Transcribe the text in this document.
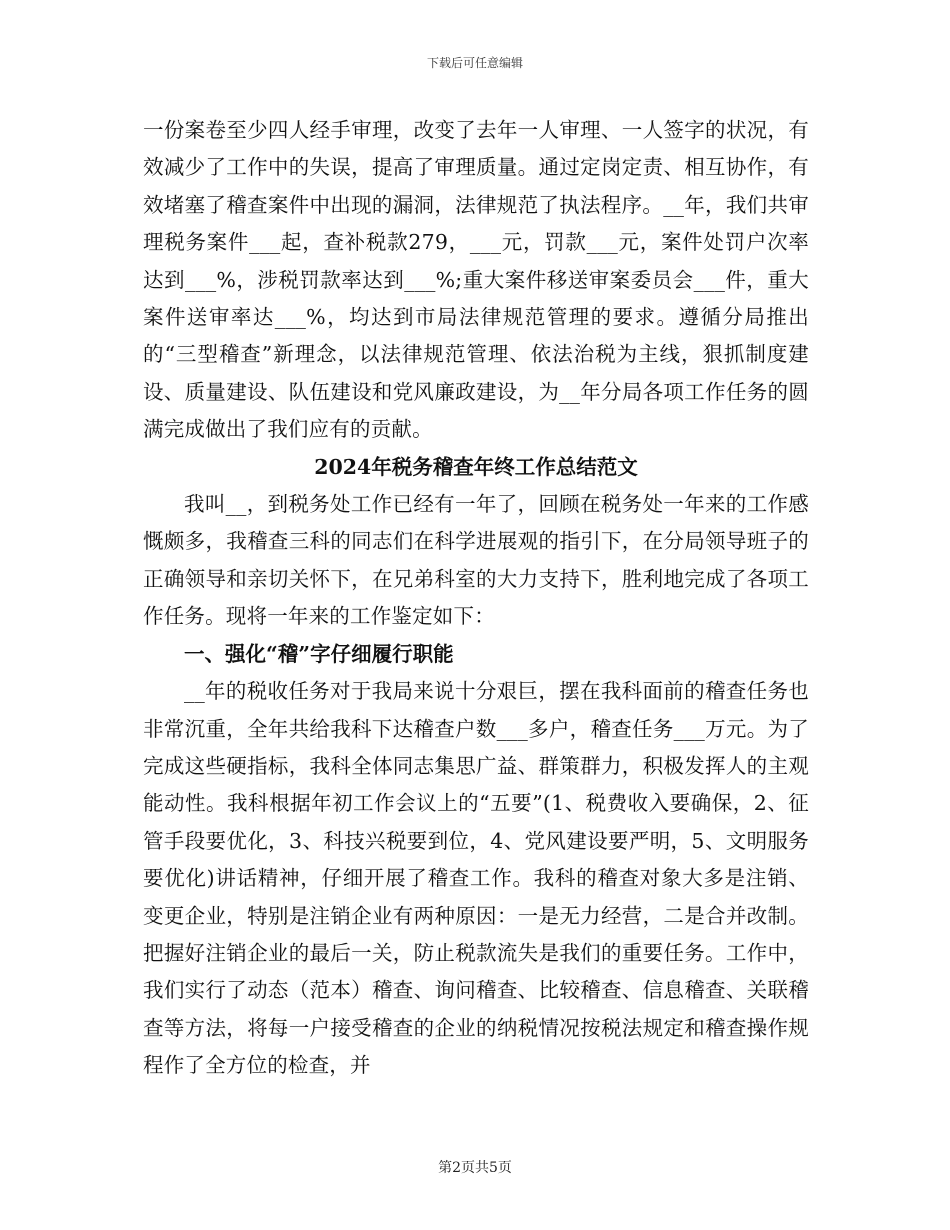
下载后可任意编辑

一份案卷至少四人经手审理，改变了去年一人审理、一人签字的状况，有效减少了工作中的失误，提高了审理质量。通过定岗定责、相互协作，有效堵塞了稽查案件中出现的漏洞，法律规范了执法程序。__年，我们共审理税务案件___起，查补税款279，___元，罚款___元，案件处罚户次率达到___%，涉税罚款率达到___%;重大案件移送审案委员会___件，重大案件送审率达___%，均达到市局法律规范管理的要求。遵循分局推出的“三型稽查”新理念，以法律规范管理、依法治税为主线，狠抓制度建设、质量建设、队伍建设和党风廉政建设，为__年分局各项工作任务的圆满完成做出了我们应有的贡献。

2024年税务稽查年终工作总结范文

我叫__，到税务处工作已经有一年了，回顾在税务处一年来的工作感慨颇多，我稽查三科的同志们在科学进展观的指引下，在分局领导班子的正确领导和亲切关怀下，在兄弟科室的大力支持下，胜利地完成了各项工作任务。现将一年来的工作鉴定如下：

一、强化“稽”字仔细履行职能

__年的税收任务对于我局来说十分艰巨，摆在我科面前的稽查任务也非常沉重，全年共给我科下达稽查户数___多户，稽查任务___万元。为了完成这些硬指标，我科全体同志集思广益、群策群力，积极发挥人的主观能动性。我科根据年初工作会议上的“五要”(1、税费收入要确保，2、征管手段要优化，3、科技兴税要到位，4、党风建设要严明，5、文明服务要优化)讲话精神，仔细开展了稽查工作。我科的稽查对象大多是注销、变更企业，特别是注销企业有两种原因：一是无力经营，二是合并改制。把握好注销企业的最后一关，防止税款流失是我们的重要任务。工作中，我们实行了动态（范本）稽查、询问稽查、比较稽查、信息稽查、关联稽查等方法，将每一户接受稽查的企业的纳税情况按税法规定和稽查操作规程作了全方位的检查，并

第2页共5页
